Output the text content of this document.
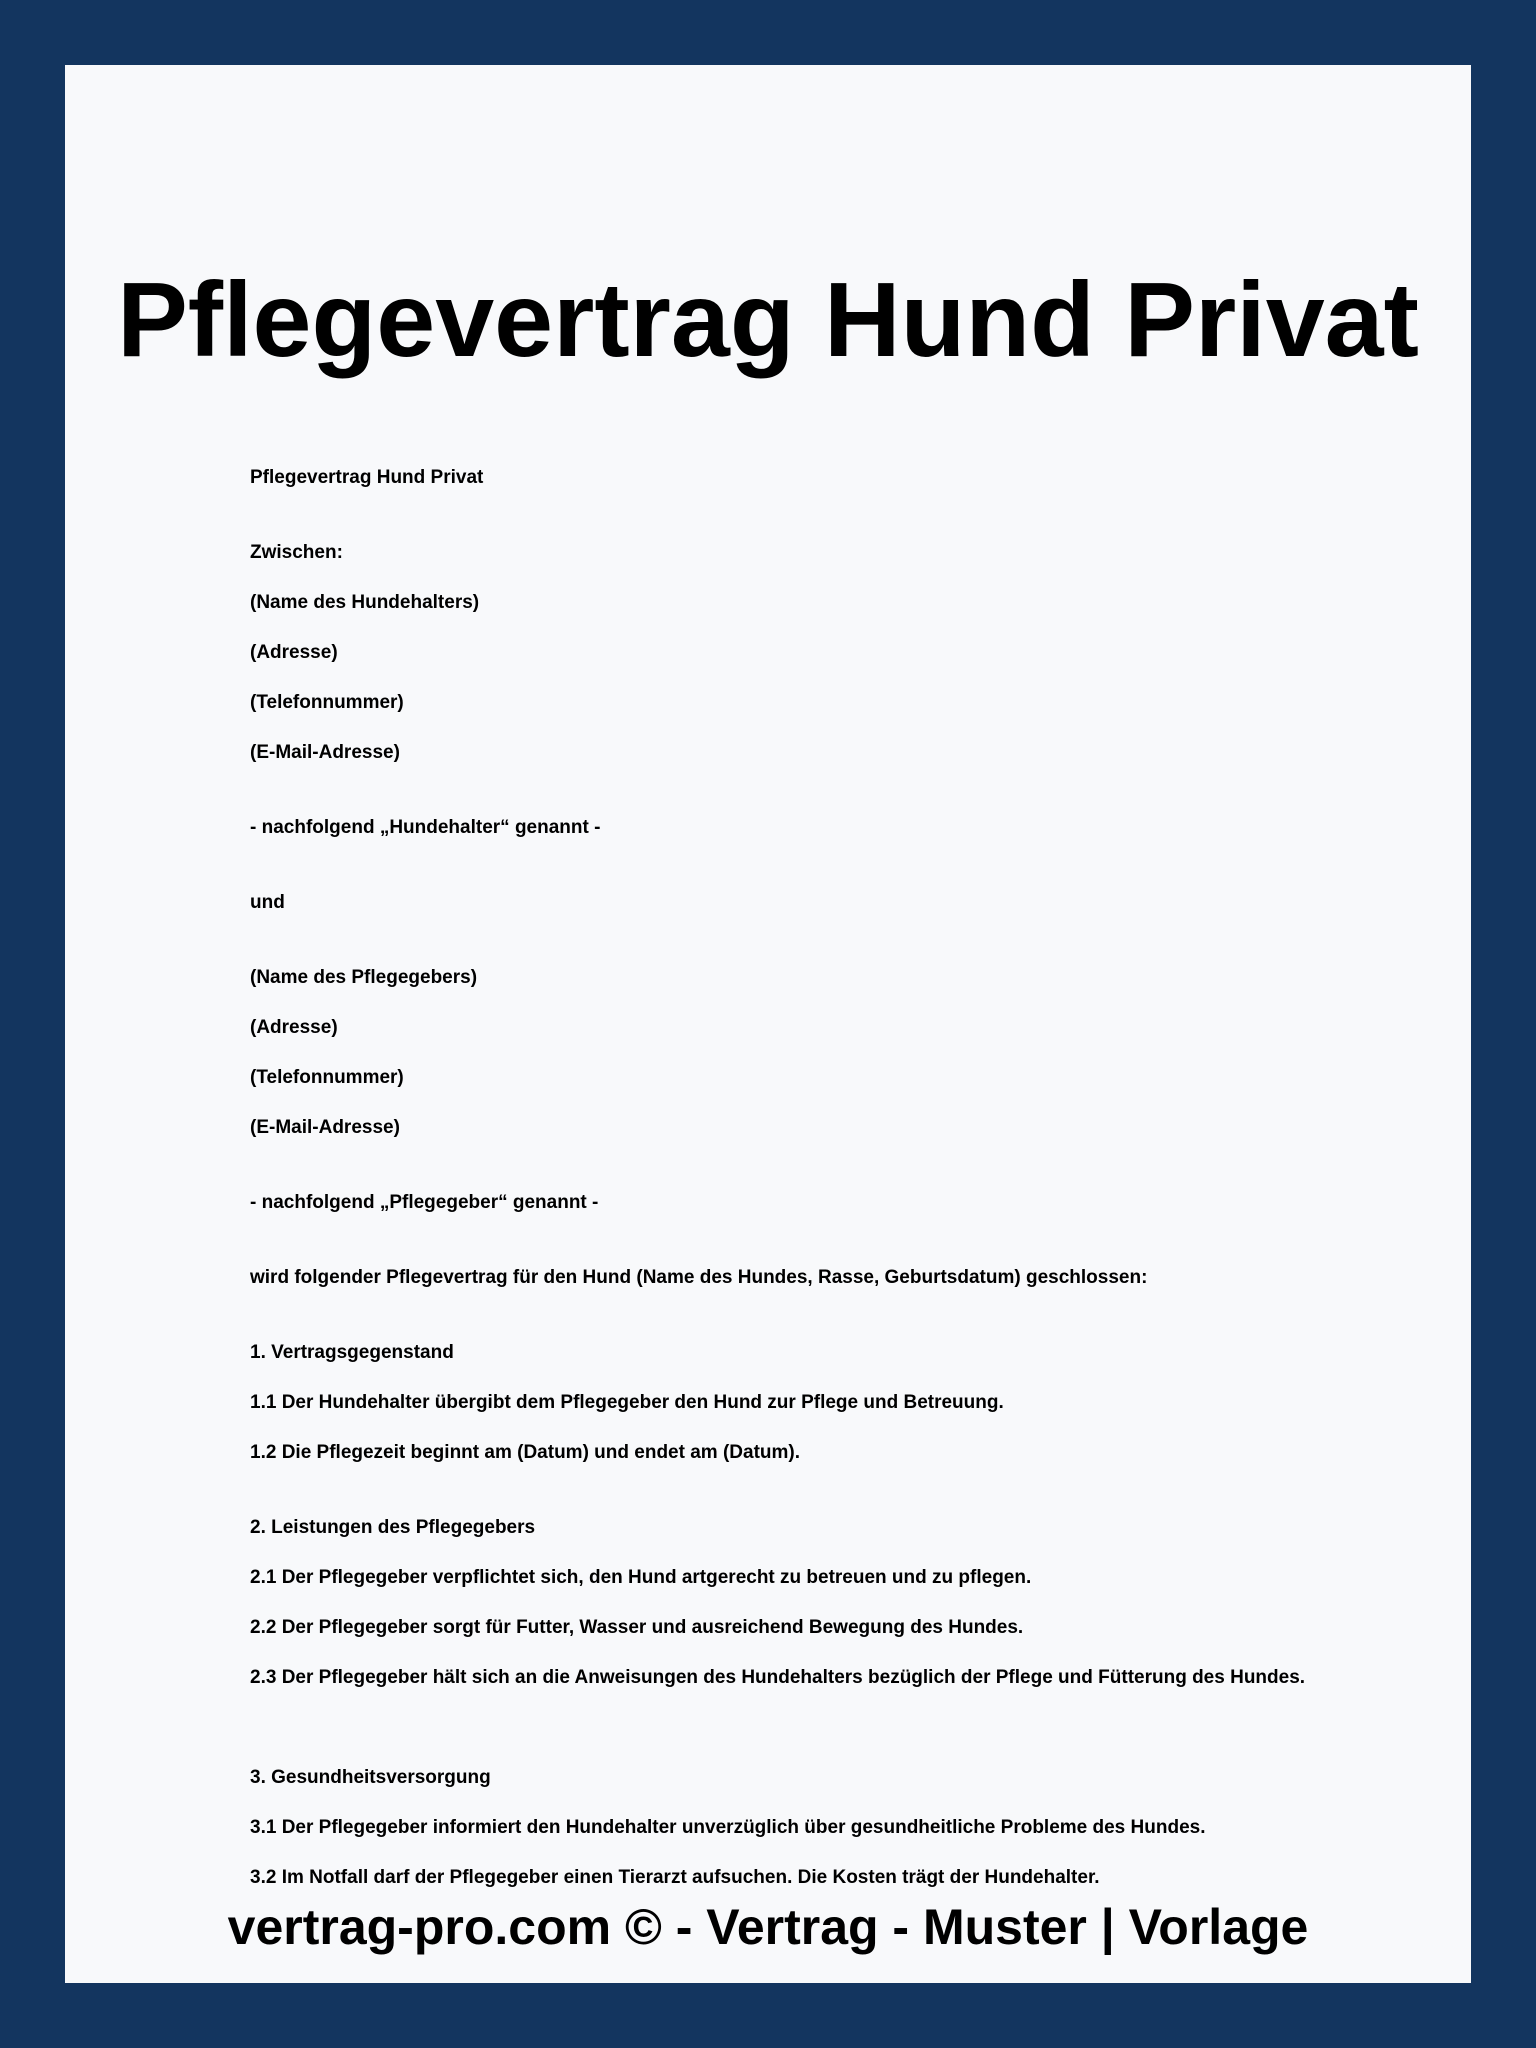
Pflegevertrag Hund Privat
Pflegevertrag Hund Privat
Zwischen:
(Name des Hundehalters)
(Adresse)
(Telefonnummer)
(E-Mail-Adresse)
- nachfolgend „Hundehalter“ genannt -
und
(Name des Pflegegebers)
(Adresse)
(Telefonnummer)
(E-Mail-Adresse)
- nachfolgend „Pflegegeber“ genannt -
wird folgender Pflegevertrag für den Hund (Name des Hundes, Rasse, Geburtsdatum) geschlossen:
1. Vertragsgegenstand
1.1 Der Hundehalter übergibt dem Pflegegeber den Hund zur Pflege und Betreuung.
1.2 Die Pflegezeit beginnt am (Datum) und endet am (Datum).
2. Leistungen des Pflegegebers
2.1 Der Pflegegeber verpflichtet sich, den Hund artgerecht zu betreuen und zu pflegen.
2.2 Der Pflegegeber sorgt für Futter, Wasser und ausreichend Bewegung des Hundes.
2.3 Der Pflegegeber hält sich an die Anweisungen des Hundehalters bezüglich der Pflege und Fütterung des Hundes.
3. Gesundheitsversorgung
3.1 Der Pflegegeber informiert den Hundehalter unverzüglich über gesundheitliche Probleme des Hundes.
3.2 Im Notfall darf der Pflegegeber einen Tierarzt aufsuchen. Die Kosten trägt der Hundehalter.
vertrag-pro.com © - Vertrag - Muster | Vorlage
